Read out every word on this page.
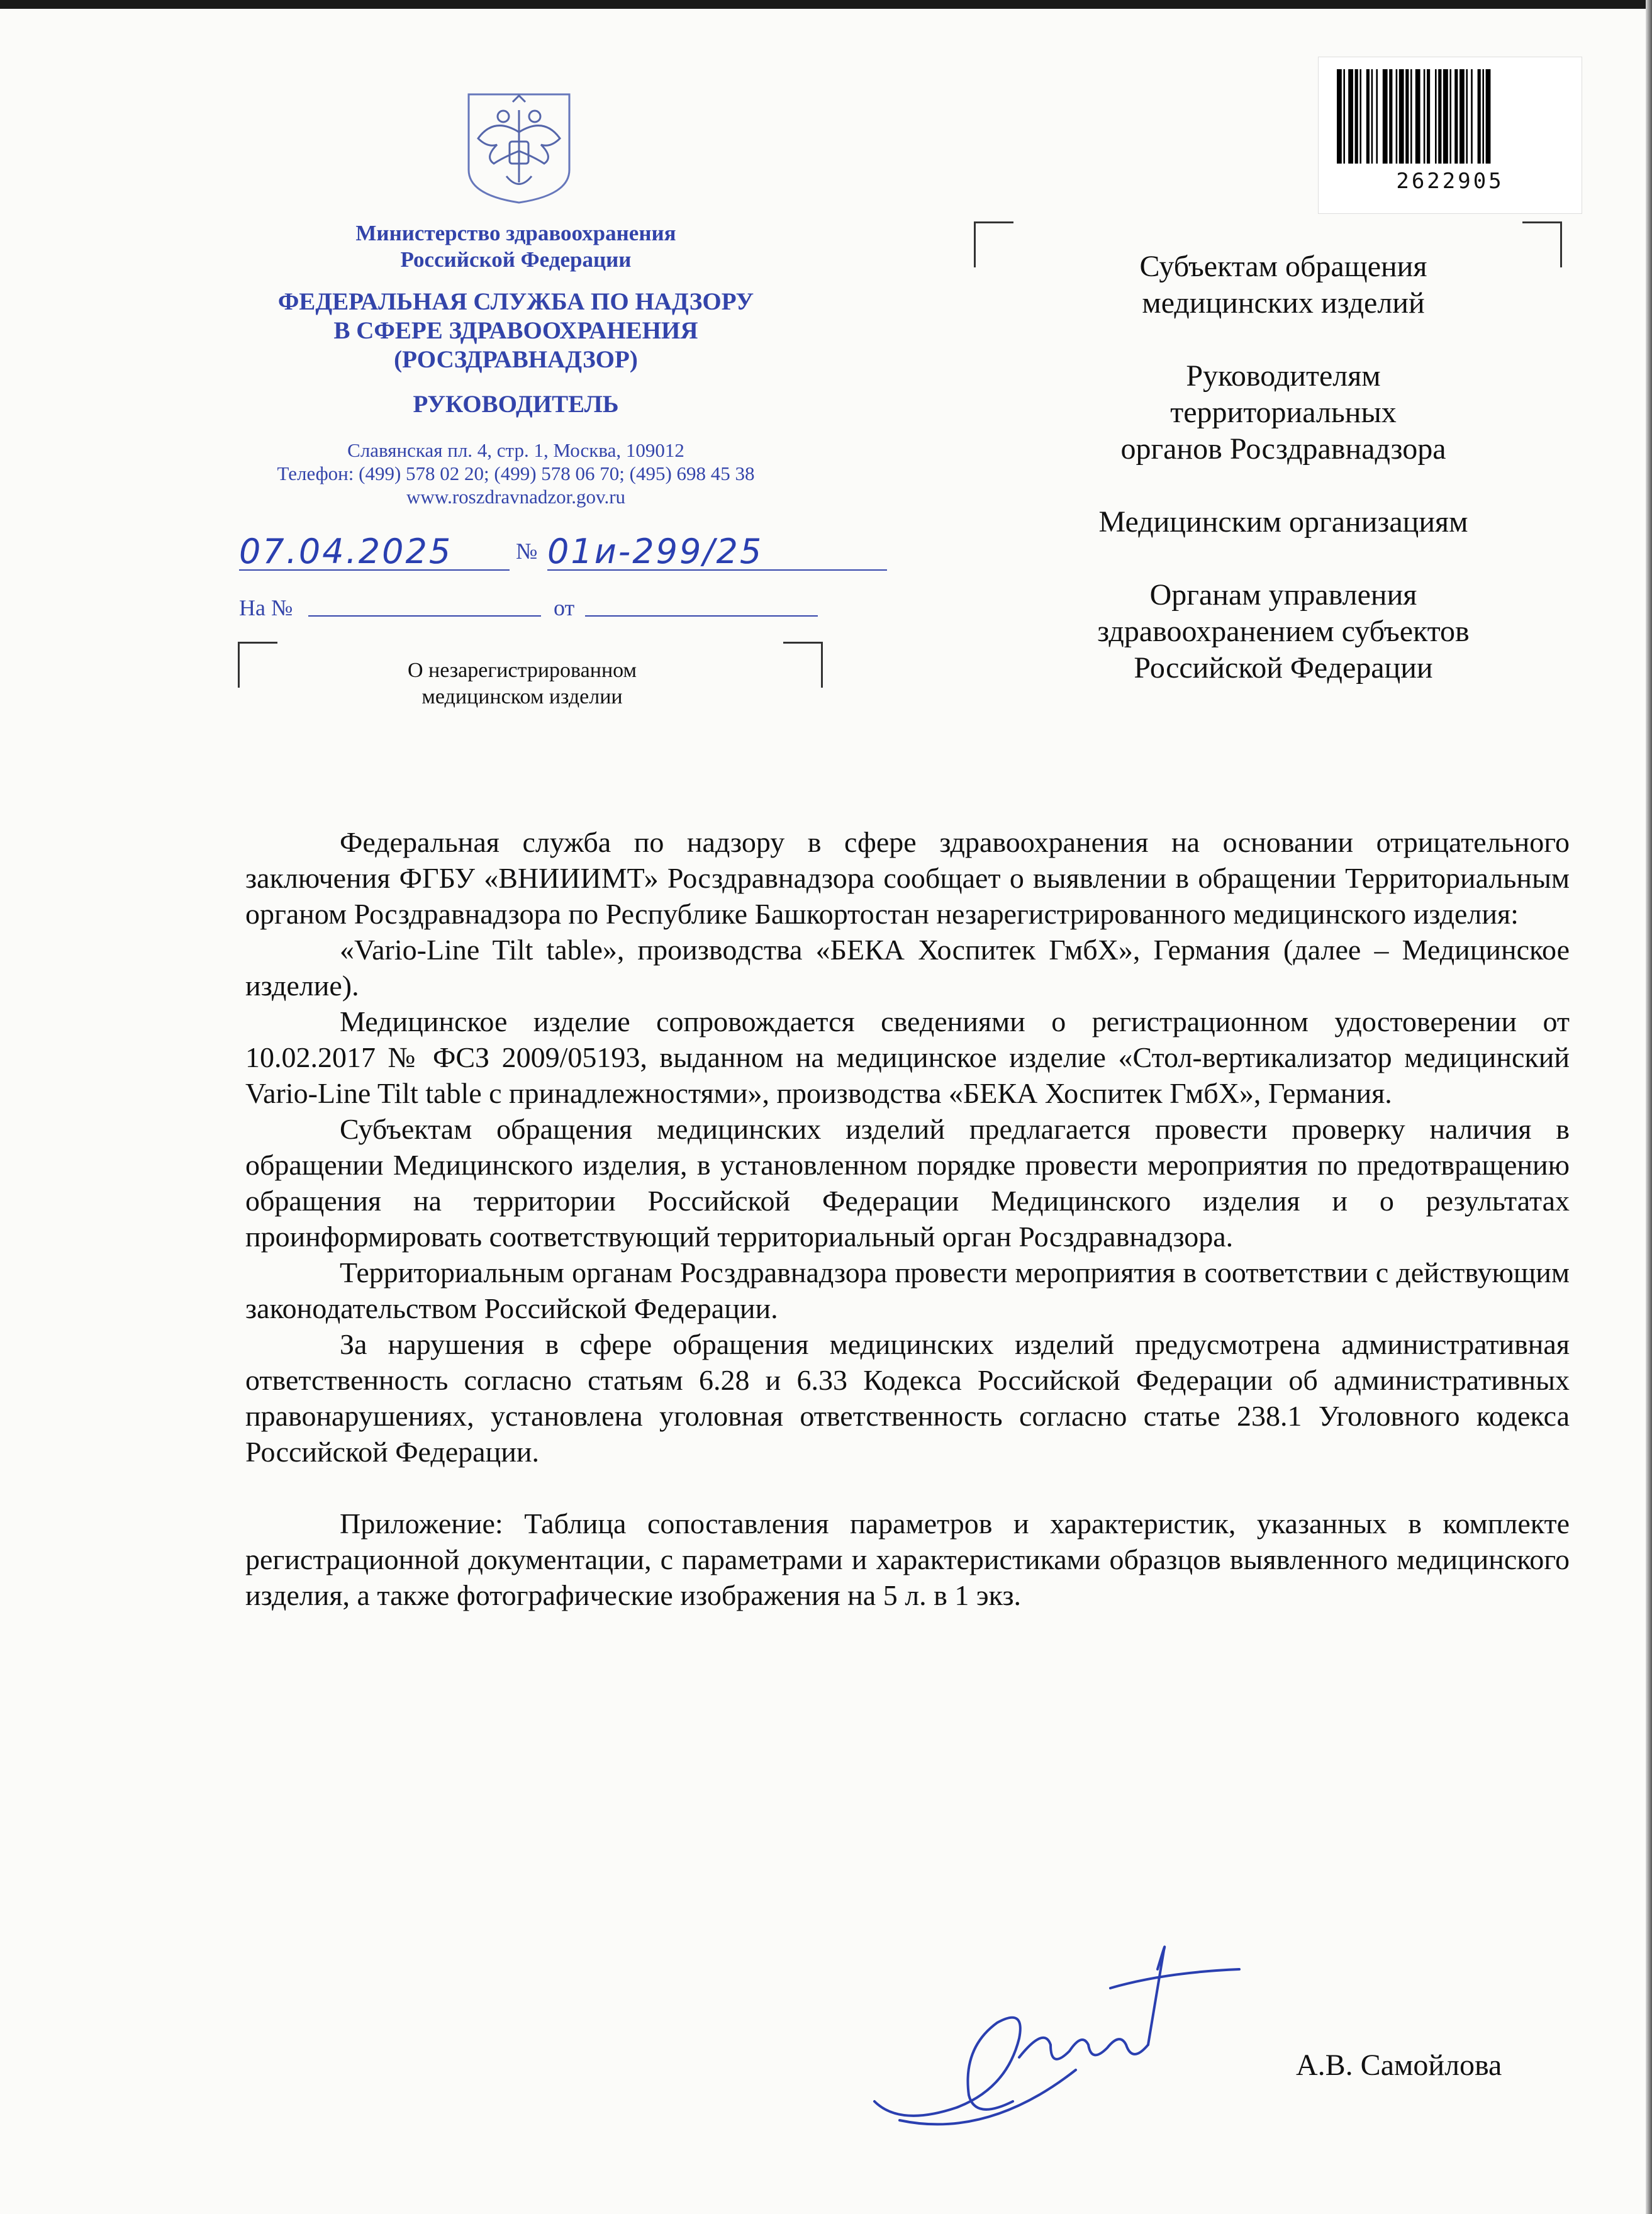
2622905
Министерство здравоохранения
Российской Федерации
ФЕДЕРАЛЬНАЯ СЛУЖБА ПО НАДЗОРУ
В СФЕРЕ ЗДРАВООХРАНЕНИЯ
(РОСЗДРАВНАДЗОР)
РУКОВОДИТЕЛЬ
Славянская пл. 4, стр. 1, Москва, 109012
Телефон: (499) 578 02 20; (499) 578 06 70; (495) 698 45 38
www.roszdravnadzor.gov.ru
07.04.2025	№ 01и-299/25
На №	от
О незарегистрированном
медицинском изделии

Субъектам обращения
медицинских изделий

Руководителям
территориальных
органов Росздравнадзора

Медицинским организациям

Органам управления
здравоохранением субъектов
Российской Федерации

Федеральная служба по надзору в сфере здравоохранения на основании отрицательного заключения ФГБУ «ВНИИИМТ» Росздравнадзора сообщает о выявлении в обращении Территориальным органом Росздравнадзора по Республике Башкортостан незарегистрированного медицинского изделия:

«Vario-Line Tilt table», производства «БЕКА Хоспитек ГмбХ», Германия (далее – Медицинское изделие).

Медицинское изделие сопровождается сведениями о регистрационном удостоверении от 10.02.2017 № ФСЗ 2009/05193, выданном на медицинское изделие «Стол-вертикализатор медицинский Vario-Line Tilt table с принадлежностями», производства «БЕКА Хоспитек ГмбХ», Германия.

Субъектам обращения медицинских изделий предлагается провести проверку наличия в обращении Медицинского изделия, в установленном порядке провести мероприятия по предотвращению обращения на территории Российской Федерации Медицинского изделия и о результатах проинформировать соответствующий территориальный орган Росздравнадзора.

Территориальным органам Росздравнадзора провести мероприятия в соответствии с действующим законодательством Российской Федерации.

За нарушения в сфере обращения медицинских изделий предусмотрена административная ответственность согласно статьям 6.28 и 6.33 Кодекса Российской Федерации об административных правонарушениях, установлена уголовная ответственность согласно статье 238.1 Уголовного кодекса Российской Федерации.

Приложение: Таблица сопоставления параметров и характеристик, указанных в комплекте регистрационной документации, с параметрами и характеристиками образцов выявленного медицинского изделия, а также фотографические изображения на 5 л. в 1 экз.

А.В. Самойлова
